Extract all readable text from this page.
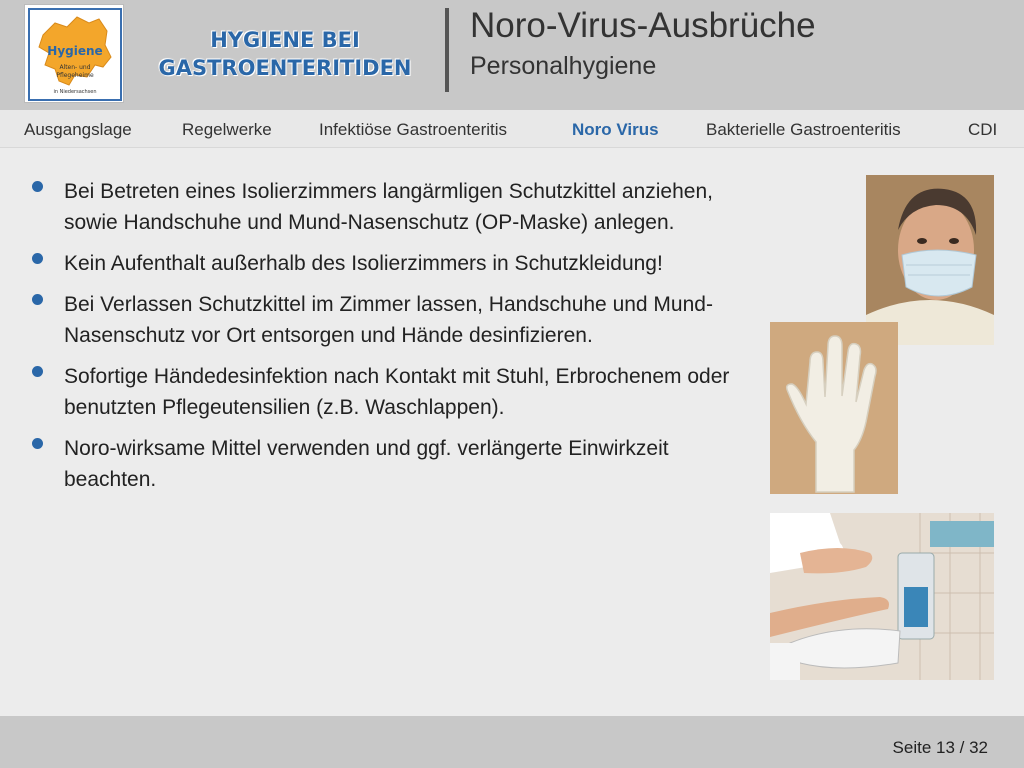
Hygiene
Alten- und
Pflegeheime
in Niedersachsen
HYGIENE BEI
GASTROENTERITIDEN
Noro-Virus-Ausbrüche
Personalhygiene
Ausgangslage	Regelwerke	Infektiöse Gastroenteritis	Noro Virus	Bakterielle Gastroenteritis	CDI
Bei Betreten eines Isolierzimmers langärmligen Schutzkittel anziehen, sowie Handschuhe und Mund-Nasenschutz (OP-Maske) anlegen.
Kein Aufenthalt außerhalb des Isolierzimmers in Schutzkleidung!
Bei Verlassen Schutzkittel im Zimmer lassen, Handschuhe und Mund-Nasenschutz vor Ort entsorgen und Hände desinfizieren.
Sofortige Händedesinfektion nach Kontakt mit Stuhl, Erbrochenem oder benutzten Pflegeutensilien (z.B. Waschlappen).
Noro-wirksame Mittel verwenden und ggf. verlängerte Einwirkzeit beachten.
Seite 13 / 32
